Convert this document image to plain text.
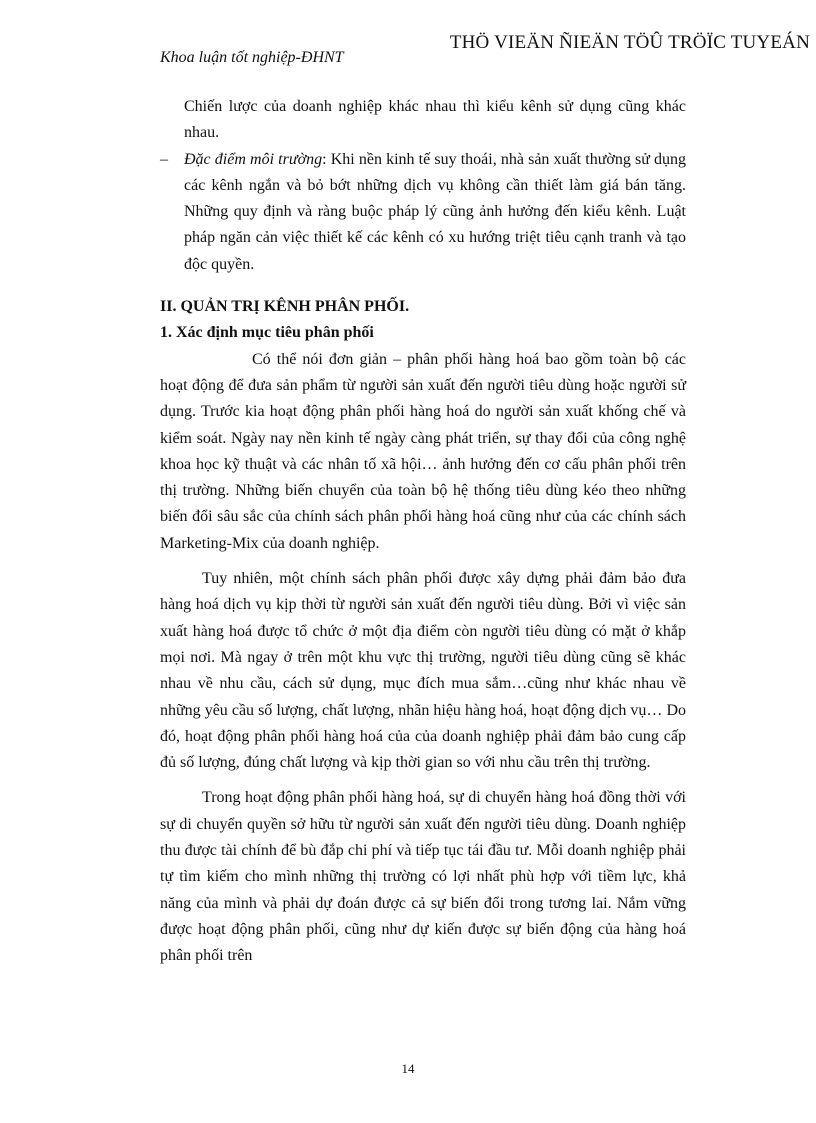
Khoa luận tốt nghiệp-ĐHNT
THÖ VIEÄN ÑIEÄN TÖÛ TRÖÏC TUYEÁN

Chiến lược của doanh nghiệp khác nhau thì kiểu kênh sử dụng cũng khác nhau.

– Đặc điểm môi trường: Khi nền kinh tế suy thoái, nhà sản xuất thường sử dụng các kênh ngắn và bỏ bớt những dịch vụ không cần thiết làm giá bán tăng. Những quy định và ràng buộc pháp lý cũng ảnh hưởng đến kiểu kênh. Luật pháp ngăn cản việc thiết kế các kênh có xu hướng triệt tiêu cạnh tranh và tạo độc quyền.

II. QUẢN TRỊ KÊNH PHÂN PHỐI.

1. Xác định mục tiêu phân phối

Có thể nói đơn giản – phân phối hàng hoá bao gồm toàn bộ các hoạt động để đưa sản phẩm từ người sản xuất đến người tiêu dùng hoặc người sử dụng. Trước kia hoạt động phân phối hàng hoá do người sản xuất khống chế và kiểm soát. Ngày nay nền kinh tế ngày càng phát triển, sự thay đổi của công nghệ khoa học kỹ thuật và các nhân tố xã hội… ảnh hưởng đến cơ cấu phân phối trên thị trường. Những biến chuyển của toàn bộ hệ thống tiêu dùng kéo theo những biến đổi sâu sắc của chính sách phân phối hàng hoá cũng như của các chính sách Marketing-Mix của doanh nghiệp.

Tuy nhiên, một chính sách phân phối được xây dựng phải đảm bảo đưa hàng hoá dịch vụ kịp thời từ người sản xuất đến người tiêu dùng. Bởi vì việc sản xuất hàng hoá được tổ chức ở một địa điểm còn người tiêu dùng có mặt ở khắp mọi nơi. Mà ngay ở trên một khu vực thị trường, người tiêu dùng cũng sẽ khác nhau về nhu cầu, cách sử dụng, mục đích mua sắm…cũng như khác nhau về những yêu cầu số lượng, chất lượng, nhãn hiệu hàng hoá, hoạt động dịch vụ… Do đó, hoạt động phân phối hàng hoá của của doanh nghiệp phải đảm bảo cung cấp đủ số lượng, đúng chất lượng và kịp thời gian so với nhu cầu trên thị trường.

Trong hoạt động phân phối hàng hoá, sự di chuyển hàng hoá đồng thời với sự di chuyển quyền sở hữu từ người sản xuất đến người tiêu dùng. Doanh nghiệp thu được tài chính để bù đắp chi phí và tiếp tục tái đầu tư. Mỗi doanh nghiệp phải tự tìm kiếm cho mình những thị trường có lợi nhất phù hợp với tiềm lực, khả năng của mình và phải dự đoán được cả sự biến đổi trong tương lai. Nắm vững được hoạt động phân phối, cũng như dự kiến được sự biến động của hàng hoá phân phối trên

14
